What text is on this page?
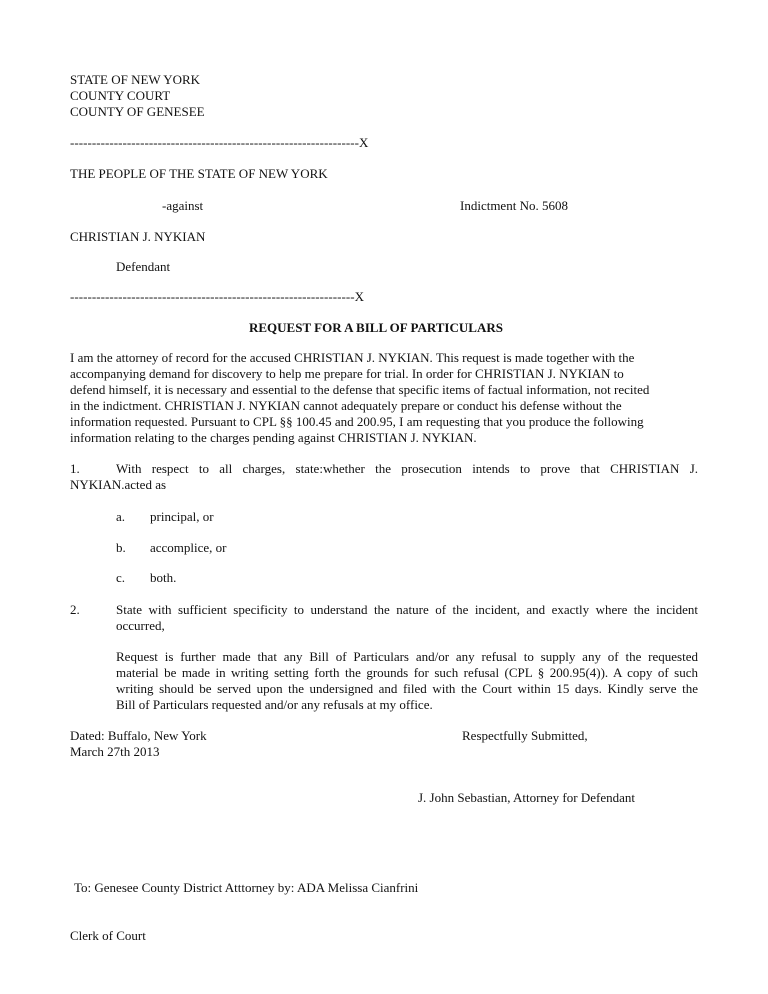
STATE OF NEW YORK
COUNTY COURT
COUNTY OF GENESEE
------------------------------------------------------------------X
THE PEOPLE OF THE STATE OF NEW YORK
-against	Indictment No. 5608
CHRISTIAN J. NYKIAN
Defendant
-----------------------------------------------------------------X
REQUEST FOR A BILL OF PARTICULARS
I am the attorney of record for the accused CHRISTIAN J. NYKIAN. This request is made together with the
accompanying demand for discovery to help me prepare for trial. In order for CHRISTIAN J. NYKIAN to
defend himself, it is necessary and essential to the defense that specific items of factual information, not recited
in the indictment. CHRISTIAN J. NYKIAN cannot adequately prepare or conduct his defense without the
information requested. Pursuant to CPL §§ 100.45 and 200.95, I am requesting that you produce the following
information relating to the charges pending against CHRISTIAN J. NYKIAN.
1.	With respect to all charges, state:whether the prosecution intends to prove that CHRISTIAN J.
NYKIAN.acted as
a. principal, or
b. accomplice, or
c. both.
2.	State with sufficient specificity to understand the nature of the incident, and exactly where the incident
occurred,
Request is further made that any Bill of Particulars and/or any refusal to supply any of the requested
material be made in writing setting forth the grounds for such refusal (CPL § 200.95(4)). A copy of such
writing should be served upon the undersigned and filed with the Court within 15 days. Kindly serve the
Bill of Particulars requested and/or any refusals at my office.
Dated: Buffalo, New York
March 27th 2013
Respectfully Submitted,
J. John Sebastian, Attorney for Defendant
To: Genesee County District Atttorney by: ADA Melissa Cianfrini
Clerk of Court
